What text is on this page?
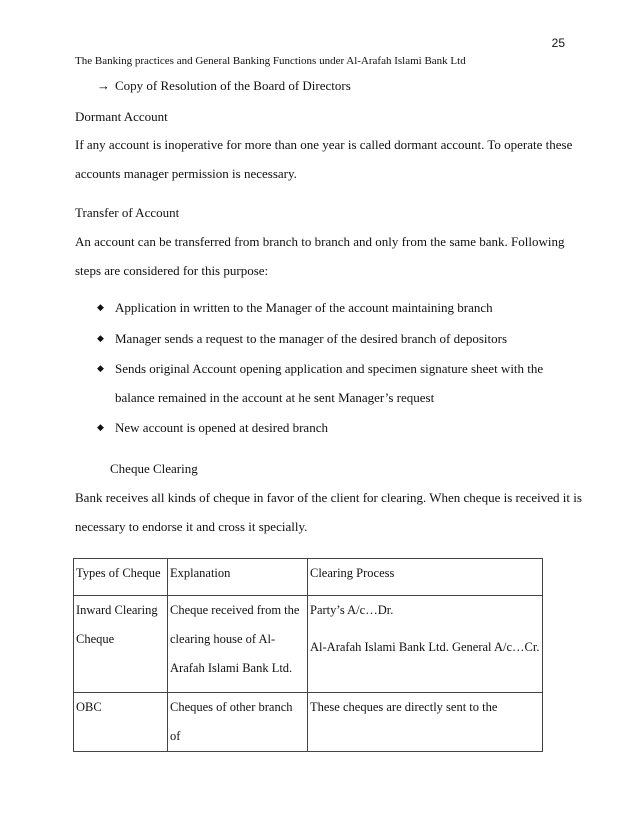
25

The Banking practices and General Banking Functions under Al-Arafah Islami Bank Ltd

→ Copy of Resolution of the Board of Directors

Dormant Account

If any account is inoperative for more than one year is called dormant account. To operate these

accounts manager permission is necessary.

Transfer of Account

An account can be transferred from branch to branch and only from the same bank. Following

steps are considered for this purpose:

◆ Application in written to the Manager of the account maintaining branch

◆ Manager sends a request to the manager of the desired branch of depositors

◆ Sends original Account opening application and specimen signature sheet with the

balance remained in the account at he sent Manager’s request

◆ New account is opened at desired branch

Cheque Clearing

Bank receives all kinds of cheque in favor of the client for clearing. When cheque is received it is

necessary to endorse it and cross it specially.

Types of Cheque	Explanation	Clearing Process
Inward Clearing
Cheque	Cheque received from the
clearing house of Al-
Arafah Islami Bank Ltd.	Party’s A/c…Dr.

Al-Arafah Islami Bank Ltd. General A/c…Cr.
OBC	Cheques of other branch of	These cheques are directly sent to the
